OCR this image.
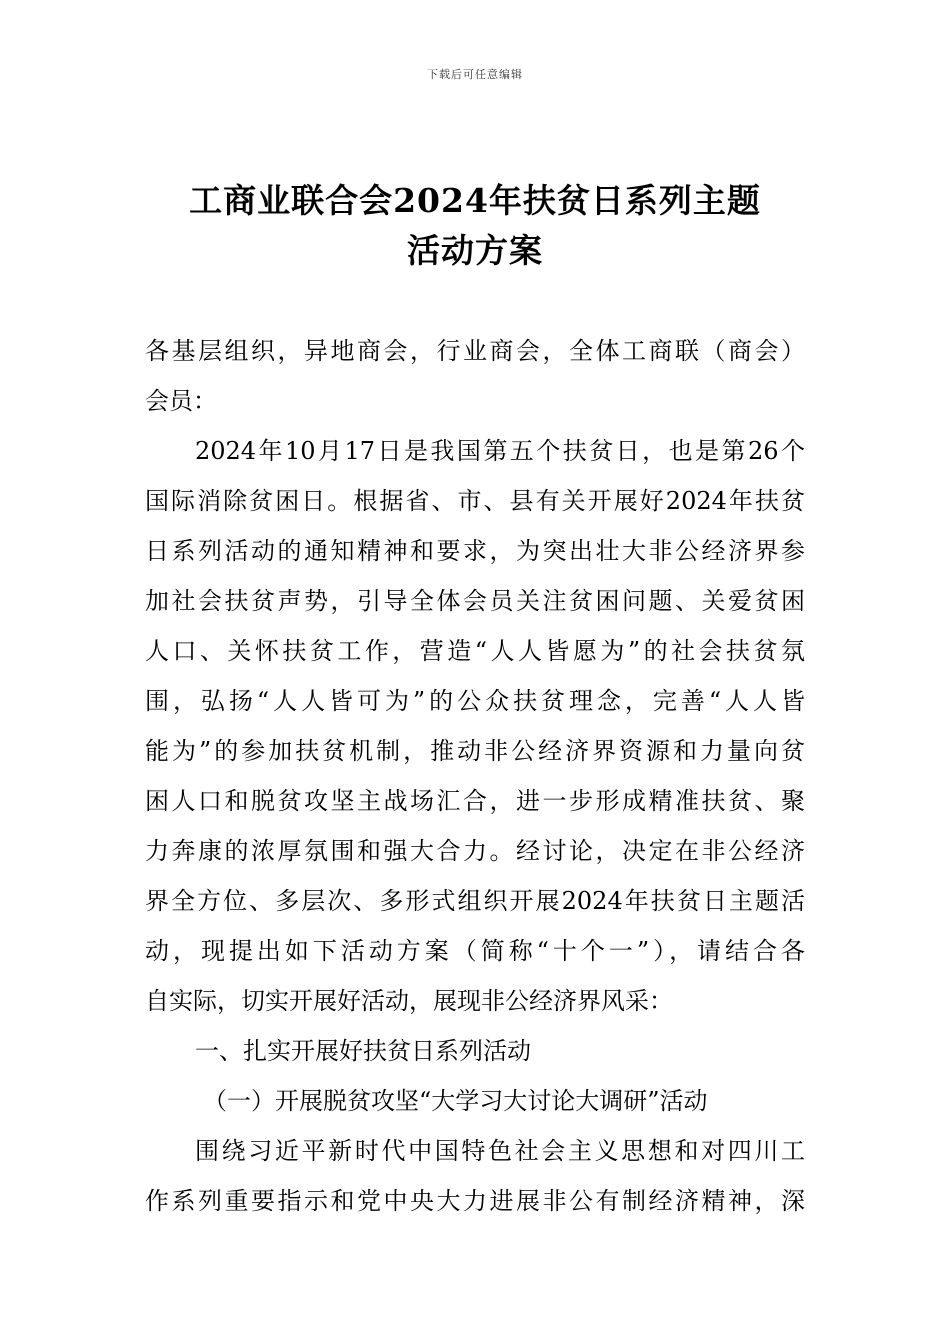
下载后可任意编辑
工商业联合会2024年扶贫日系列主题
活动方案
各基层组织，异地商会，行业商会，全体工商联（商会）
会员：
2024年10月17日是我国第五个扶贫日，也是第26个
国际消除贫困日。根据省、市、县有关开展好2024年扶贫
日系列活动的通知精神和要求，为突出壮大非公经济界参
加社会扶贫声势，引导全体会员关注贫困问题、关爱贫困
人口、关怀扶贫工作，营造“人人皆愿为”的社会扶贫氛
围，弘扬“人人皆可为”的公众扶贫理念，完善“人人皆
能为”的参加扶贫机制，推动非公经济界资源和力量向贫
困人口和脱贫攻坚主战场汇合，进一步形成精准扶贫、聚
力奔康的浓厚氛围和强大合力。经讨论，决定在非公经济
界全方位、多层次、多形式组织开展2024年扶贫日主题活
动，现提出如下活动方案（简称“十个一”），请结合各
自实际，切实开展好活动，展现非公经济界风采：
一、扎实开展好扶贫日系列活动
（一）开展脱贫攻坚“大学习大讨论大调研”活动
围绕习近平新时代中国特色社会主义思想和对四川工
作系列重要指示和党中央大力进展非公有制经济精神，深
